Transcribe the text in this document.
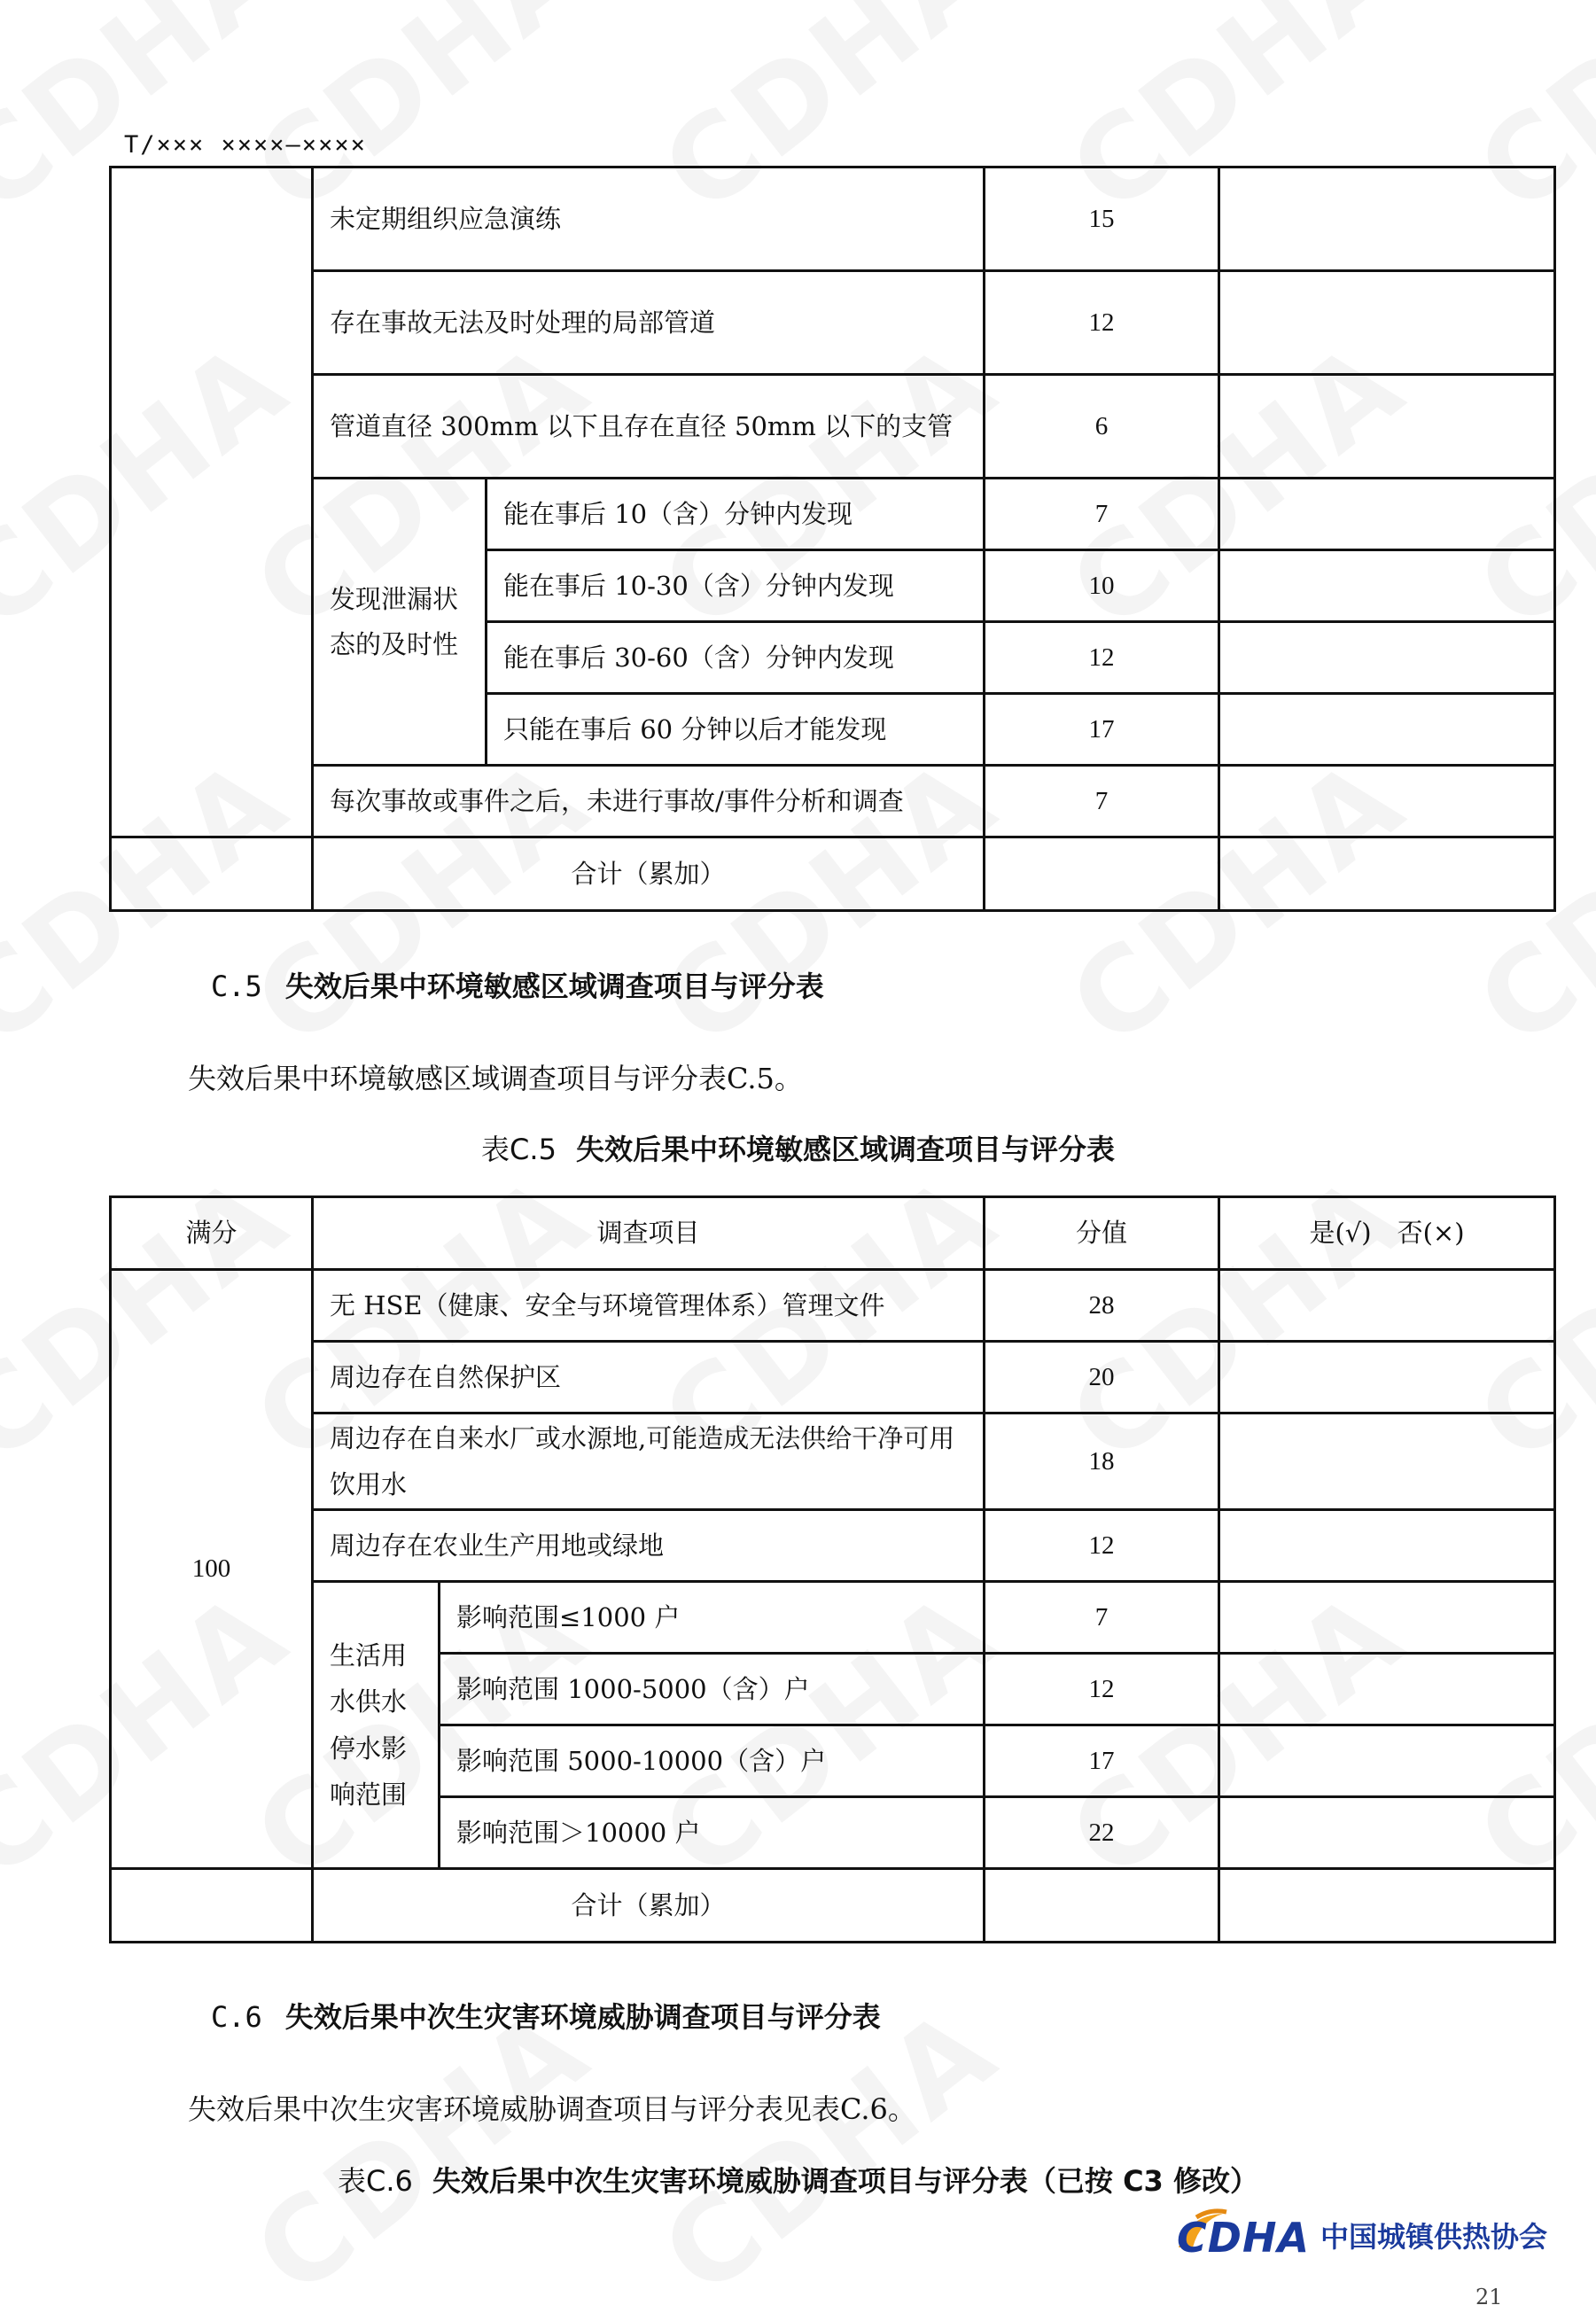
T/××× ××××—××××
	未定期组织应急演练		15	
	存在事故无法及时处理的局部管道		12	
	管道直径 300mm 以下且存在直径 50mm 以下的支管		6	
	发现泄漏状态的及时性	能在事后 10（含）分钟内发现	7	
		能在事后 10-30（含）分钟内发现	10	
		能在事后 30-60（含）分钟内发现	12	
		只能在事后 60 分钟以后才能发现	17	
	每次事故或事件之后，未进行事故/事件分析和调查		7	
	合计（累加）			
C.5 失效后果中环境敏感区域调查项目与评分表
失效后果中环境敏感区域调查项目与评分表C.5。
表C.5 失效后果中环境敏感区域调查项目与评分表
满分	调查项目		分值	是(√)　否(×)
100	无 HSE（健康、安全与环境管理体系）管理文件		28	
	周边存在自然保护区		20	
	周边存在自来水厂或水源地,可能造成无法供给干净可用饮用水		18	
	周边存在农业生产用地或绿地		12	
	生活用水供水停水影响范围	影响范围≤1000 户	7	
		影响范围 1000-5000（含）户	12	
		影响范围 5000-10000（含）户	17	
		影响范围＞10000 户	22	
	合计（累加）			
C.6 失效后果中次生灾害环境威胁调查项目与评分表
失效后果中次生灾害环境威胁调查项目与评分表见表C.6。
表C.6 失效后果中次生灾害环境威胁调查项目与评分表（已按 C3 修改）
CDHA 中国城镇供热协会
21
